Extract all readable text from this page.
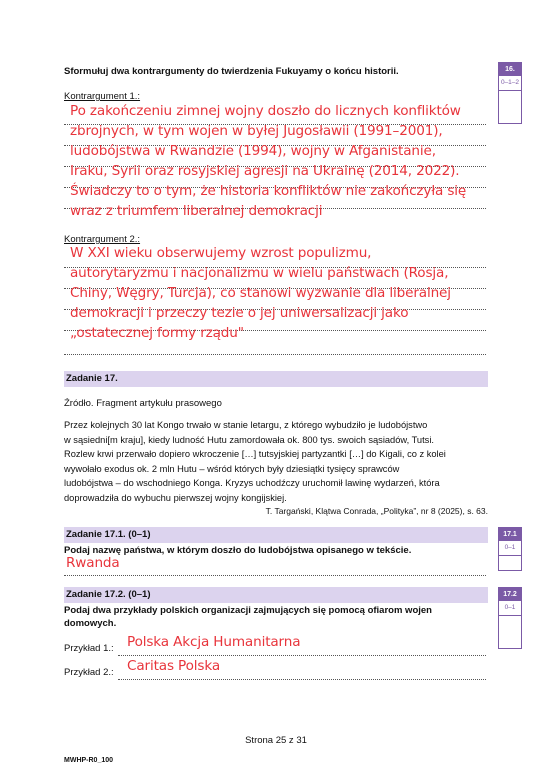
Sformułuj dwa kontrargumenty do twierdzenia Fukuyamy o końcu historii.	16.
0–1–2
Kontrargument 1.:
Po zakończeniu zimnej wojny doszło do licznych konfliktów
zbrojnych, w tym wojen w byłej Jugosławii (1991–2001),
ludobójstwa w Rwandzie (1994), wojny w Afganistanie,
Iraku, Syrii oraz rosyjskiej agresji na Ukrainę (2014, 2022).
Świadczy to o tym, że historia konfliktów nie zakończyła się
wraz z triumfem liberalnej demokracji
Kontrargument 2.:
W XXI wieku obserwujemy wzrost populizmu,
autorytaryzmu i nacjonalizmu w wielu państwach (Rosja,
Chiny, Węgry, Turcja), co stanowi wyzwanie dla liberalnej
demokracji i przeczy tezie o jej uniwersalizacji jako
„ostatecznej formy rządu"
Zadanie 17.
Źródło. Fragment artykułu prasowego
Przez kolejnych 30 lat Kongo trwało w stanie letargu, z którego wybudziło je ludobójstwo
w sąsiedni[m kraju], kiedy ludność Hutu zamordowała ok. 800 tys. swoich sąsiadów, Tutsi.
Rozlew krwi przerwało dopiero wkroczenie […] tutsyjskiej partyzantki […] do Kigali, co z kolei
wywołało exodus ok. 2 mln Hutu – wśród których były dziesiątki tysięcy sprawców
ludobójstwa – do wschodniego Konga. Kryzys uchodźczy uruchomił lawinę wydarzeń, która
doprowadziła do wybuchu pierwszej wojny kongijskiej.
T. Targański, Klątwa Conrada, „Polityka”, nr 8 (2025), s. 63.
Zadanie 17.1. (0–1)	17.1
0–1
Podaj nazwę państwa, w którym doszło do ludobójstwa opisanego w tekście.
Rwanda
Zadanie 17.2. (0–1)	17.2
0–1
Podaj dwa przykłady polskich organizacji zajmujących się pomocą ofiarom wojen
domowych.
Przykład 1.: Polska Akcja Humanitarna
Przykład 2.: Caritas Polska
Strona 25 z 31
MWHP-R0_100
